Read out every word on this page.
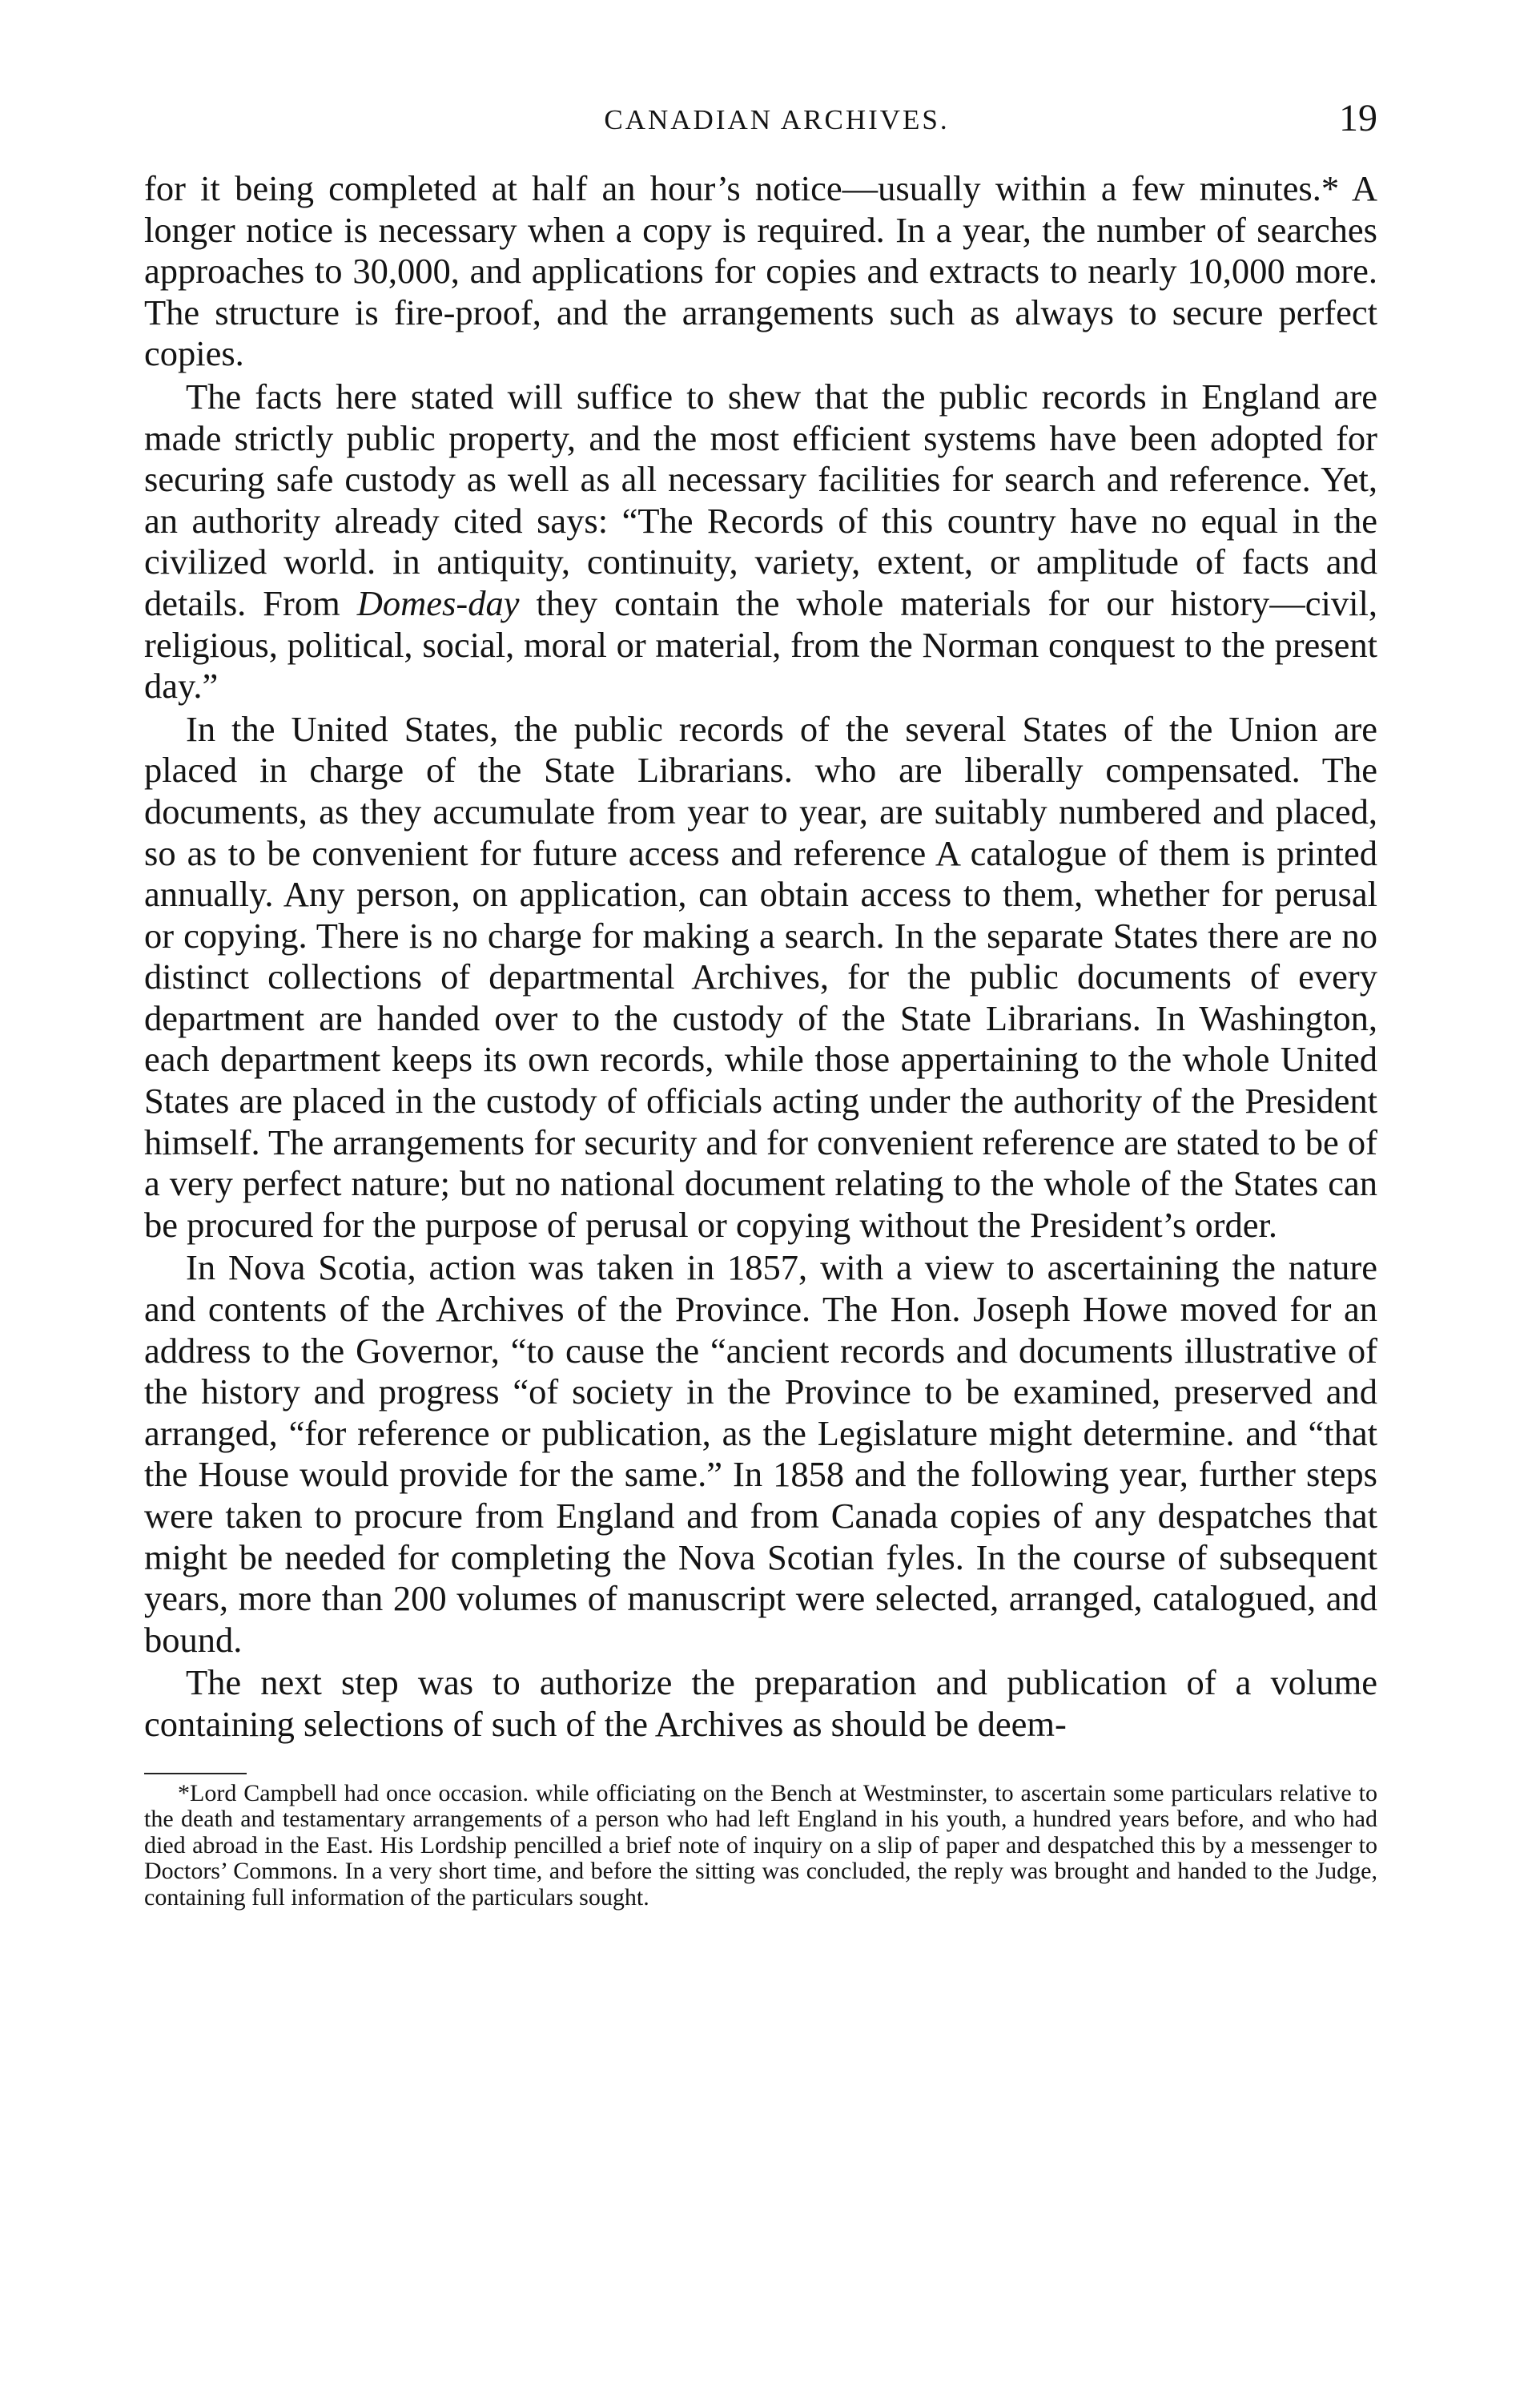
CANADIAN ARCHIVES.	19

for it being completed at half an hour’s notice—usually within a few minutes.* A longer notice is necessary when a copy is required. In a year, the number of searches approaches to 30,000, and applications for copies and extracts to nearly 10,000 more. The structure is fire-proof, and the arrangements such as always to secure perfect copies.

The facts here stated will suffice to shew that the public records in England are made strictly public property, and the most efficient systems have been adopted for securing safe custody as well as all necessary facilities for search and reference. Yet, an authority already cited says: “The Records of this country have no equal in the civilized world. in antiquity, continuity, variety, extent, or amplitude of facts and details. From Domes-day they contain the whole materials for our history—civil, religious, political, social, moral or material, from the Norman conquest to the present day.”

In the United States, the public records of the several States of the Union are placed in charge of the State Librarians. who are liberally compensated. The documents, as they accumulate from year to year, are suitably numbered and placed, so as to be convenient for future access and reference A catalogue of them is printed annually. Any person, on application, can obtain access to them, whether for perusal or copying. There is no charge for making a search. In the separate States there are no distinct collections of departmental Archives, for the public documents of every department are handed over to the custody of the State Librarians. In Washington, each department keeps its own records, while those appertaining to the whole United States are placed in the custody of officials acting under the authority of the President himself. The arrangements for security and for convenient reference are stated to be of a very perfect nature; but no national document relating to the whole of the States can be procured for the purpose of perusal or copying without the President’s order.

In Nova Scotia, action was taken in 1857, with a view to ascertaining the nature and contents of the Archives of the Province. The Hon. Joseph Howe moved for an address to the Governor, “to cause the “ancient records and documents illustrative of the history and progress “of society in the Province to be examined, preserved and arranged, “for reference or publication, as the Legislature might determine. and “that the House would provide for the same.” In 1858 and the following year, further steps were taken to procure from England and from Canada copies of any despatches that might be needed for completing the Nova Scotian fyles. In the course of subsequent years, more than 200 volumes of manuscript were selected, arranged, catalogued, and bound.

The next step was to authorize the preparation and publication of a volume containing selections of such of the Archives as should be deem-

*Lord Campbell had once occasion. while officiating on the Bench at Westminster, to ascertain some particulars relative to the death and testamentary arrangements of a person who had left England in his youth, a hundred years before, and who had died abroad in the East. His Lordship pencilled a brief note of inquiry on a slip of paper and despatched this by a messenger to Doctors’ Commons. In a very short time, and before the sitting was concluded, the reply was brought and handed to the Judge, containing full information of the particulars sought.
